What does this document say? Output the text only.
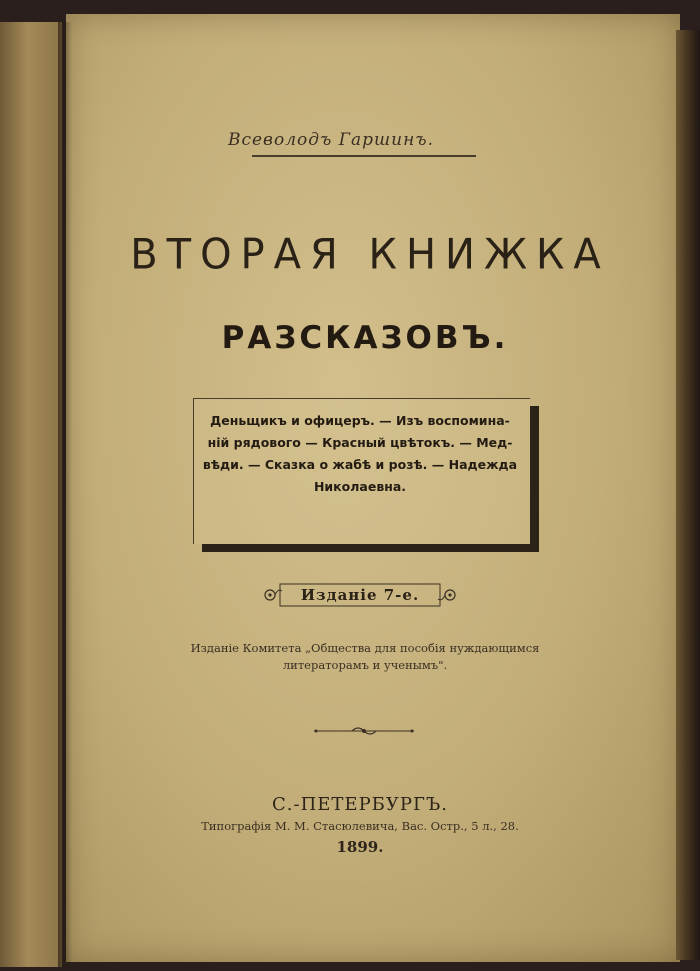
Всеволодъ Гаршинъ.
ВТОРАЯ КНИЖКА
РАЗСКАЗОВЪ.
Деньщикъ и офицеръ. — Изъ воспомина-
ній рядового — Красный цвѣтокъ. — Мед-
вѣди. — Сказка о жабѣ и розѣ. — Надежда
Николаевна.
Изданіе 7-е.
Изданіе Комитета „Общества для пособія нуждающимся
литераторамъ и ученымъ".
С.-ПЕТЕРБУРГЪ.
Типографія М. М. Стасюлевича, Вас. Остр., 5 л., 28.
1899.
